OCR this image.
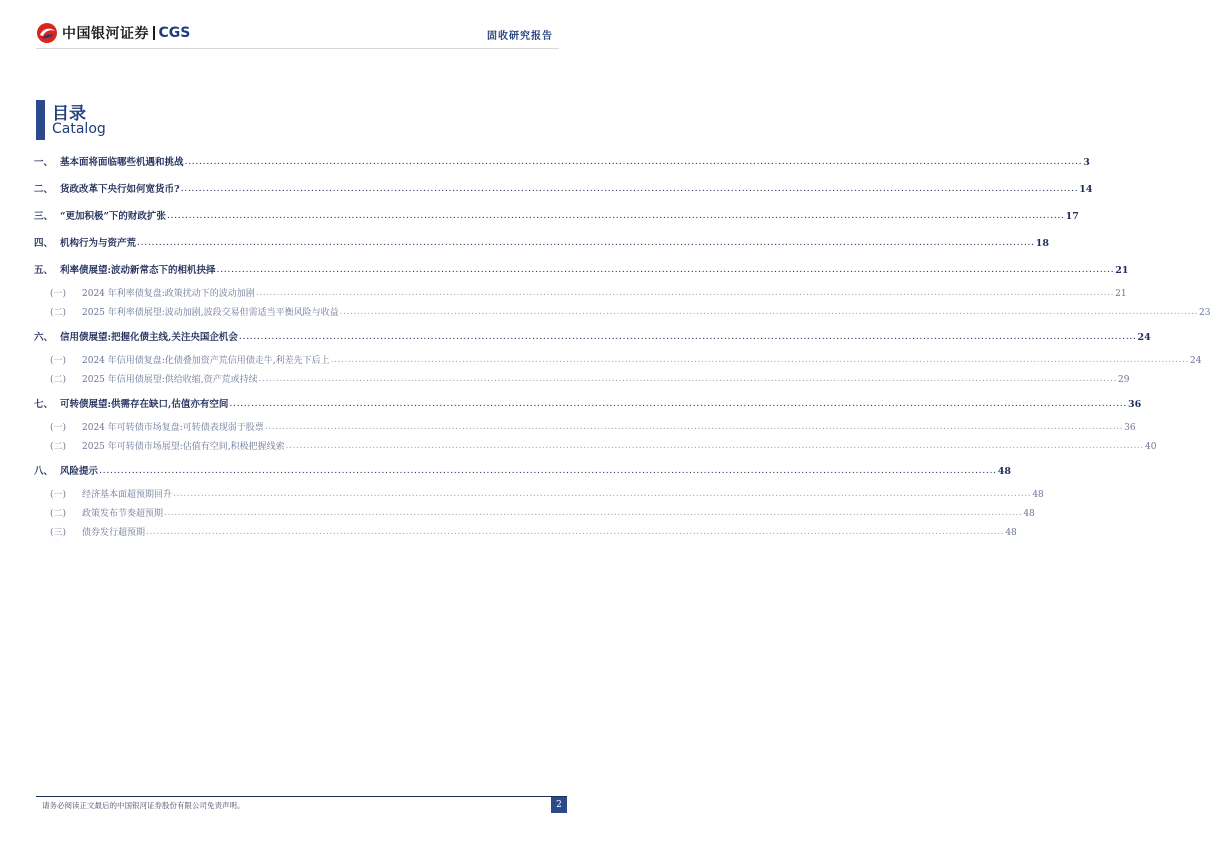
中国银河证券 CGS	固收研究报告
目录
Catalog
一、 基本面将面临哪些机遇和挑战 .....	3
二、 货政改革下央行如何宽货币? .....	14
三、 “更加积极”下的财政扩张 .....	17
四、 机构行为与资产荒 .....	18
五、 利率债展望:波动新常态下的相机抉择 .....	21
(一)	2024 年利率债复盘:政策扰动下的波动加剧 .....	21
(二)	2025 年利率债展望:波动加剧,波段交易但需适当平衡风险与收益 .....	23
六、 信用债展望:把握化债主线,关注央国企机会 .....	24
(一)	2024 年信用债复盘:化债叠加资产荒信用债走牛,利差先下后上 .....	24
(二)	2025 年信用债展望:供给收缩,资产荒或持续 .....	29
七、 可转债展望:供需存在缺口,估值亦有空间 .....	36
(一)	2024 年可转债市场复盘:可转债表现弱于股票 .....	36
(二)	2025 年可转债市场展望:估值有空间,积极把握线索 .....	40
八、 风险提示 .....	48
(一)	经济基本面超预期回升 .....	48
(二)	政策发布节奏超预期 .....	48
(三)	债券发行超预期 .....	48
请务必阅读正文最后的中国银河证券股份有限公司免责声明。	2
